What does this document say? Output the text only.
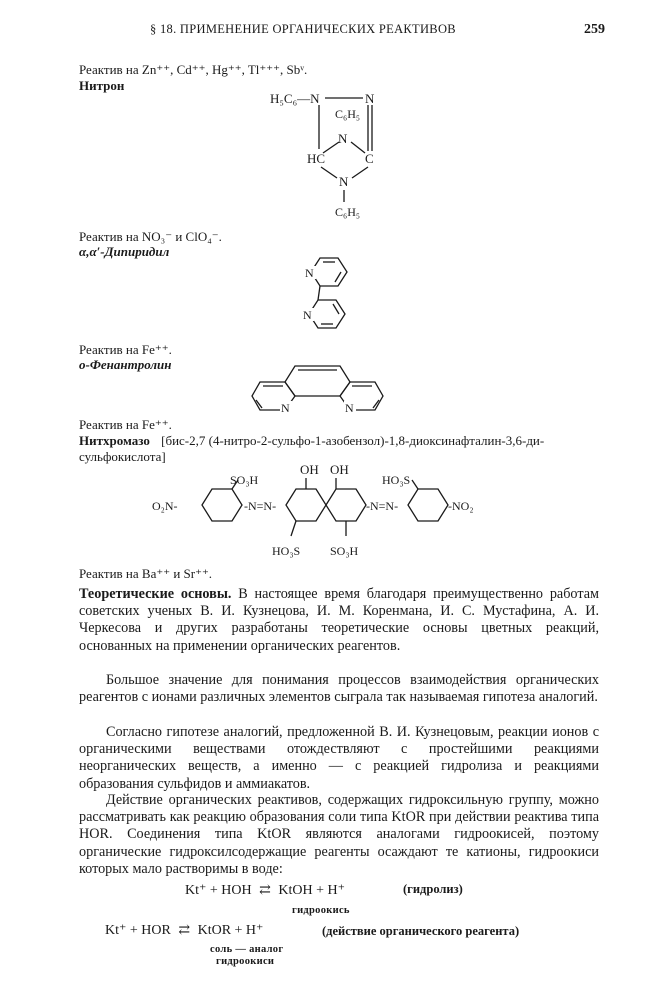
§ 18. ПРИМЕНЕНИЕ ОРГАНИЧЕСКИХ РЕАКТИВОВ	259
Реактив на Zn⁺⁺, Cd⁺⁺, Hg⁺⁺, Tl⁺⁺⁺, Sbᵛ.
Нитрон
H₅C₆—N	N
C₆H₅
N
HC	C
N
C₆H₅
Реактив на NO₃⁻ и ClO₄⁻.
α,α′-Дипиридил
N
N
Реактив на Fe⁺⁺.
o-Фенантролин
N	N
Реактив на Fe⁺⁺.
Нитхромазо [бис-2,7 (4-нитро-2-сульфо-1-азобензол)-1,8-диоксинафталин-3,6-ди-
сульфокислота]
OH OH
SO₃H	HO₃S
O₂N-	-N=N-	-N=N-	-NO₂
HO₃S SO₃H
Реактив на Ba⁺⁺ и Sr⁺⁺.
Теоретические основы. В настоящее время благодаря преимущественно работам советских ученых В. И. Кузнецова, И. М. Коренмана, И. С. Мустафина, А. И. Черкесова и других разработаны теоретические основы цветных реакций, основанных на применении органических реагентов.
Большое значение для понимания процессов взаимодействия органических реагентов с ионами различных элементов сыграла так называемая гипотеза аналогий.
Согласно гипотезе аналогий, предложенной В. И. Кузнецовым, реакции ионов с органическими веществами отождествляют с простейшими реакциями неорганических веществ, а именно — с реакцией гидролиза и реакциями образования сульфидов и аммиакатов.
Действие органических реактивов, содержащих гидроксильную группу, можно рассматривать как реакцию образования соли типа KtOR при действии реактива типа HOR. Соединения типа KtOR являются аналогами гидроокисей, поэтому органические гидроксилсодержащие реагенты осаждают те катионы, гидроокиси которых мало растворимы в воде:
Kt⁺ + HOH ⇄ KtOH + H⁺	(гидролиз)
гидроокись
Kt⁺ + HOR ⇄ KtOR + H⁺	(действие органического реагента)
соль — аналог
гидроокиси
